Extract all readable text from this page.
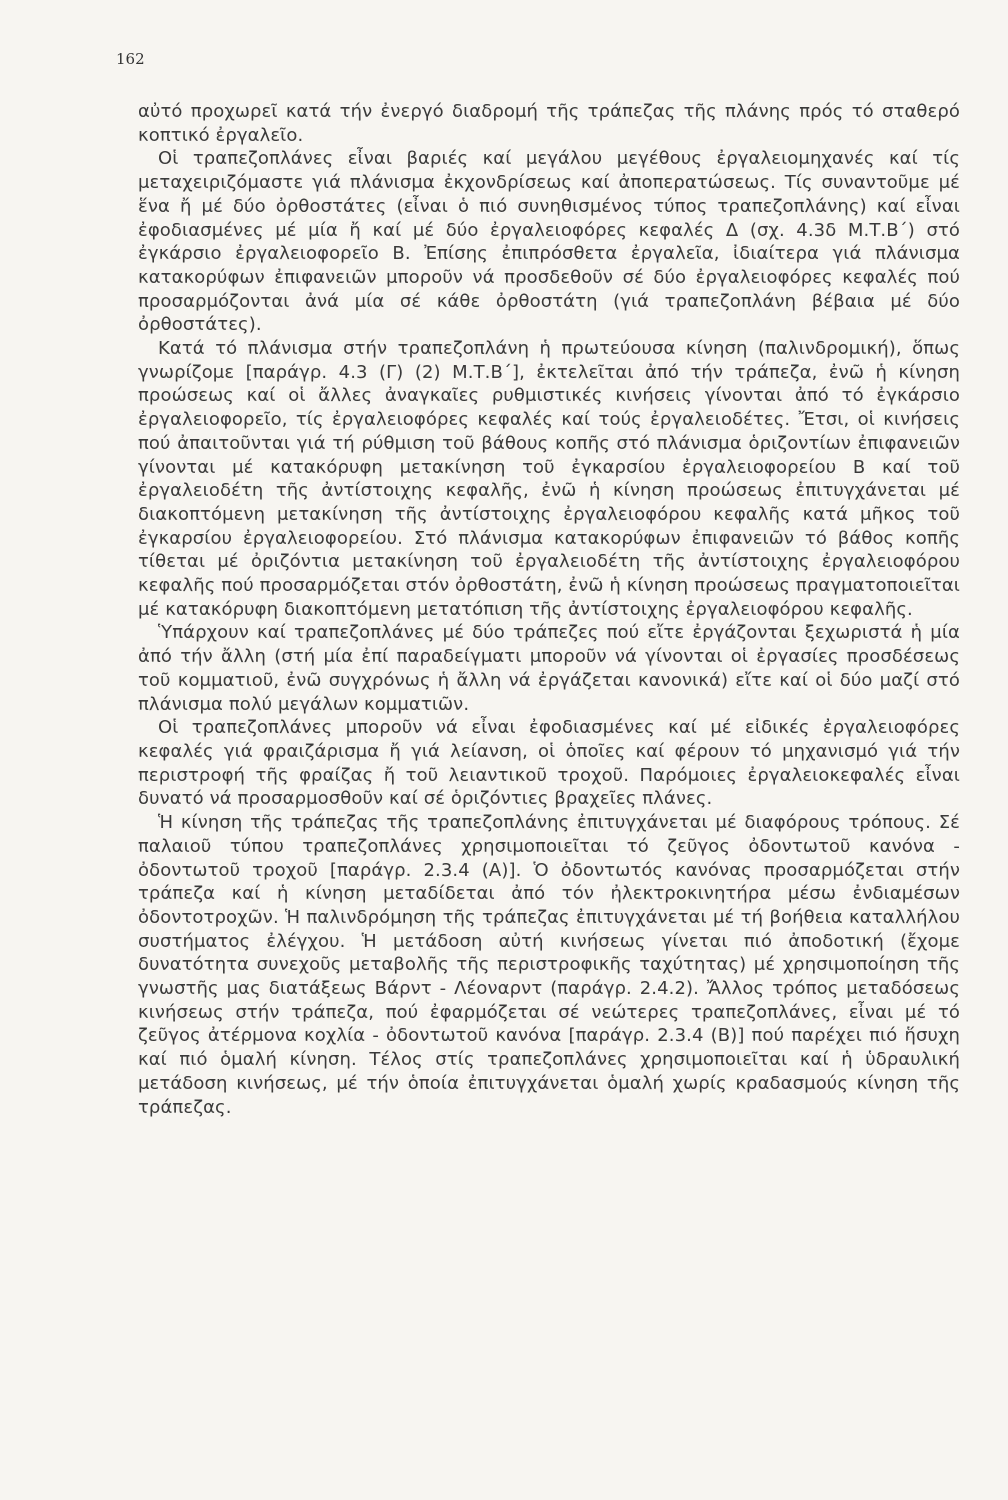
162

αὐτό προχωρεῖ κατά τήν ἐνεργό διαδρομή τῆς τράπεζας τῆς πλάνης πρός τό σταθερό κοπτικό ἐργαλεῖο.

Οἱ τραπεζοπλάνες εἶναι βαριές καί μεγάλου μεγέθους ἐργαλειομηχανές καί τίς μεταχειριζόμαστε γιά πλάνισμα ἐκχονδρίσεως καί ἀποπερατώσεως. Τίς συναντοῦμε μέ ἕνα ἤ μέ δύο ὀρθοστάτες (εἶναι ὁ πιό συνηθισμένος τύπος τραπεζοπλάνης) καί εἶναι ἐφοδιασμένες μέ μία ἤ καί μέ δύο ἐργαλειοφόρες κεφαλές Δ (σχ. 4.3δ Μ.Τ.Β΄) στό ἐγκάρσιο ἐργαλειοφορεῖο Β. Ἐπίσης ἐπιπρόσθετα ἐργαλεῖα, ἰδιαίτερα γιά πλάνισμα κατακορύφων ἐπιφανειῶν μποροῦν νά προσδεθοῦν σέ δύο ἐργαλειοφόρες κεφαλές πού προσαρμόζονται ἀνά μία σέ κάθε ὀρθοστάτη (γιά τραπεζοπλάνη βέβαια μέ δύο ὀρθοστάτες).

Κατά τό πλάνισμα στήν τραπεζοπλάνη ἡ πρωτεύουσα κίνηση (παλινδρομική), ὅπως γνωρίζομε [παράγρ. 4.3 (Γ) (2) Μ.Τ.Β΄], ἐκτελεῖται ἀπό τήν τράπεζα, ἐνῶ ἡ κίνηση προώσεως καί οἱ ἄλλες ἀναγκαῖες ρυθμιστικές κινήσεις γίνονται ἀπό τό ἐγκάρσιο ἐργαλειοφορεῖο, τίς ἐργαλειοφόρες κεφαλές καί τούς ἐργαλειοδέτες. Ἔτσι, οἱ κινήσεις πού ἀπαιτοῦνται γιά τή ρύθμιση τοῦ βάθους κοπῆς στό πλάνισμα ὁριζοντίων ἐπιφανειῶν γίνονται μέ κατακόρυφη μετακίνηση τοῦ ἐγκαρσίου ἐργαλειοφορείου Β καί τοῦ ἐργαλειοδέτη τῆς ἀντίστοιχης κεφαλῆς, ἐνῶ ἡ κίνηση προώσεως ἐπιτυγχάνεται μέ διακοπτόμενη μετακίνηση τῆς ἀντίστοιχης ἐργαλειοφόρου κεφαλῆς κατά μῆκος τοῦ ἐγκαρσίου ἐργαλειοφορείου. Στό πλάνισμα κατακορύφων ἐπιφανειῶν τό βάθος κοπῆς τίθεται μέ ὀριζόντια μετακίνηση τοῦ ἐργαλειοδέτη τῆς ἀντίστοιχης ἐργαλειοφόρου κεφαλῆς πού προσαρμόζεται στόν ὀρθοστάτη, ἐνῶ ἡ κίνηση προώσεως πραγματοποιεῖται μέ κατακόρυφη διακοπτόμενη μετατόπιση τῆς ἀντίστοιχης ἐργαλειοφόρου κεφαλῆς.

Ὑπάρχουν καί τραπεζοπλάνες μέ δύο τράπεζες πού εἴτε ἐργάζονται ξεχωριστά ἡ μία ἀπό τήν ἄλλη (στή μία ἐπί παραδείγματι μποροῦν νά γίνονται οἱ ἐργασίες προσδέσεως τοῦ κομματιοῦ, ἐνῶ συγχρόνως ἡ ἄλλη νά ἐργάζεται κανονικά) εἴτε καί οἱ δύο μαζί στό πλάνισμα πολύ μεγάλων κομματιῶν.

Οἱ τραπεζοπλάνες μποροῦν νά εἶναι ἐφοδιασμένες καί μέ εἰδικές ἐργαλειοφόρες κεφαλές γιά φραιζάρισμα ἤ γιά λείανση, οἱ ὁποῖες καί φέρουν τό μηχανισμό γιά τήν περιστροφή τῆς φραίζας ἤ τοῦ λειαντικοῦ τροχοῦ. Παρόμοιες ἐργαλειοκεφαλές εἶναι δυνατό νά προσαρμοσθοῦν καί σέ ὁριζόντιες βραχεῖες πλάνες.

Ἡ κίνηση τῆς τράπεζας τῆς τραπεζοπλάνης ἐπιτυγχάνεται μέ διαφόρους τρόπους. Σέ παλαιοῦ τύπου τραπεζοπλάνες χρησιμοποιεῖται τό ζεῦγος ὀδοντωτοῦ κανόνα - ὀδοντωτοῦ τροχοῦ [παράγρ. 2.3.4 (Α)]. Ὁ ὀδοντωτός κανόνας προσαρμόζεται στήν τράπεζα καί ἡ κίνηση μεταδίδεται ἀπό τόν ἠλεκτροκινητήρα μέσω ἐνδιαμέσων ὀδοντοτροχῶν. Ἡ παλινδρόμηση τῆς τράπεζας ἐπιτυγχάνεται μέ τή βοήθεια καταλλήλου συστήματος ἐλέγχου. Ἡ μετάδοση αὐτή κινήσεως γίνεται πιό ἀποδοτική (ἔχομε δυνατότητα συνεχοῦς μεταβολῆς τῆς περιστροφικῆς ταχύτητας) μέ χρησιμοποίηση τῆς γνωστῆς μας διατάξεως Βάρντ - Λέοναρντ (παράγρ. 2.4.2). Ἄλλος τρόπος μεταδόσεως κινήσεως στήν τράπεζα, πού ἐφαρμόζεται σέ νεώτερες τραπεζοπλάνες, εἶναι μέ τό ζεῦγος ἀτέρμονα κοχλία - ὀδοντωτοῦ κανόνα [παράγρ. 2.3.4 (Β)] πού παρέχει πιό ἥσυχη καί πιό ὁμαλή κίνηση. Τέλος στίς τραπεζοπλάνες χρησιμοποιεῖται καί ἡ ὑδραυλική μετάδοση κινήσεως, μέ τήν ὁποία ἐπιτυγχάνεται ὁμαλή χωρίς κραδασμούς κίνηση τῆς τράπεζας.
